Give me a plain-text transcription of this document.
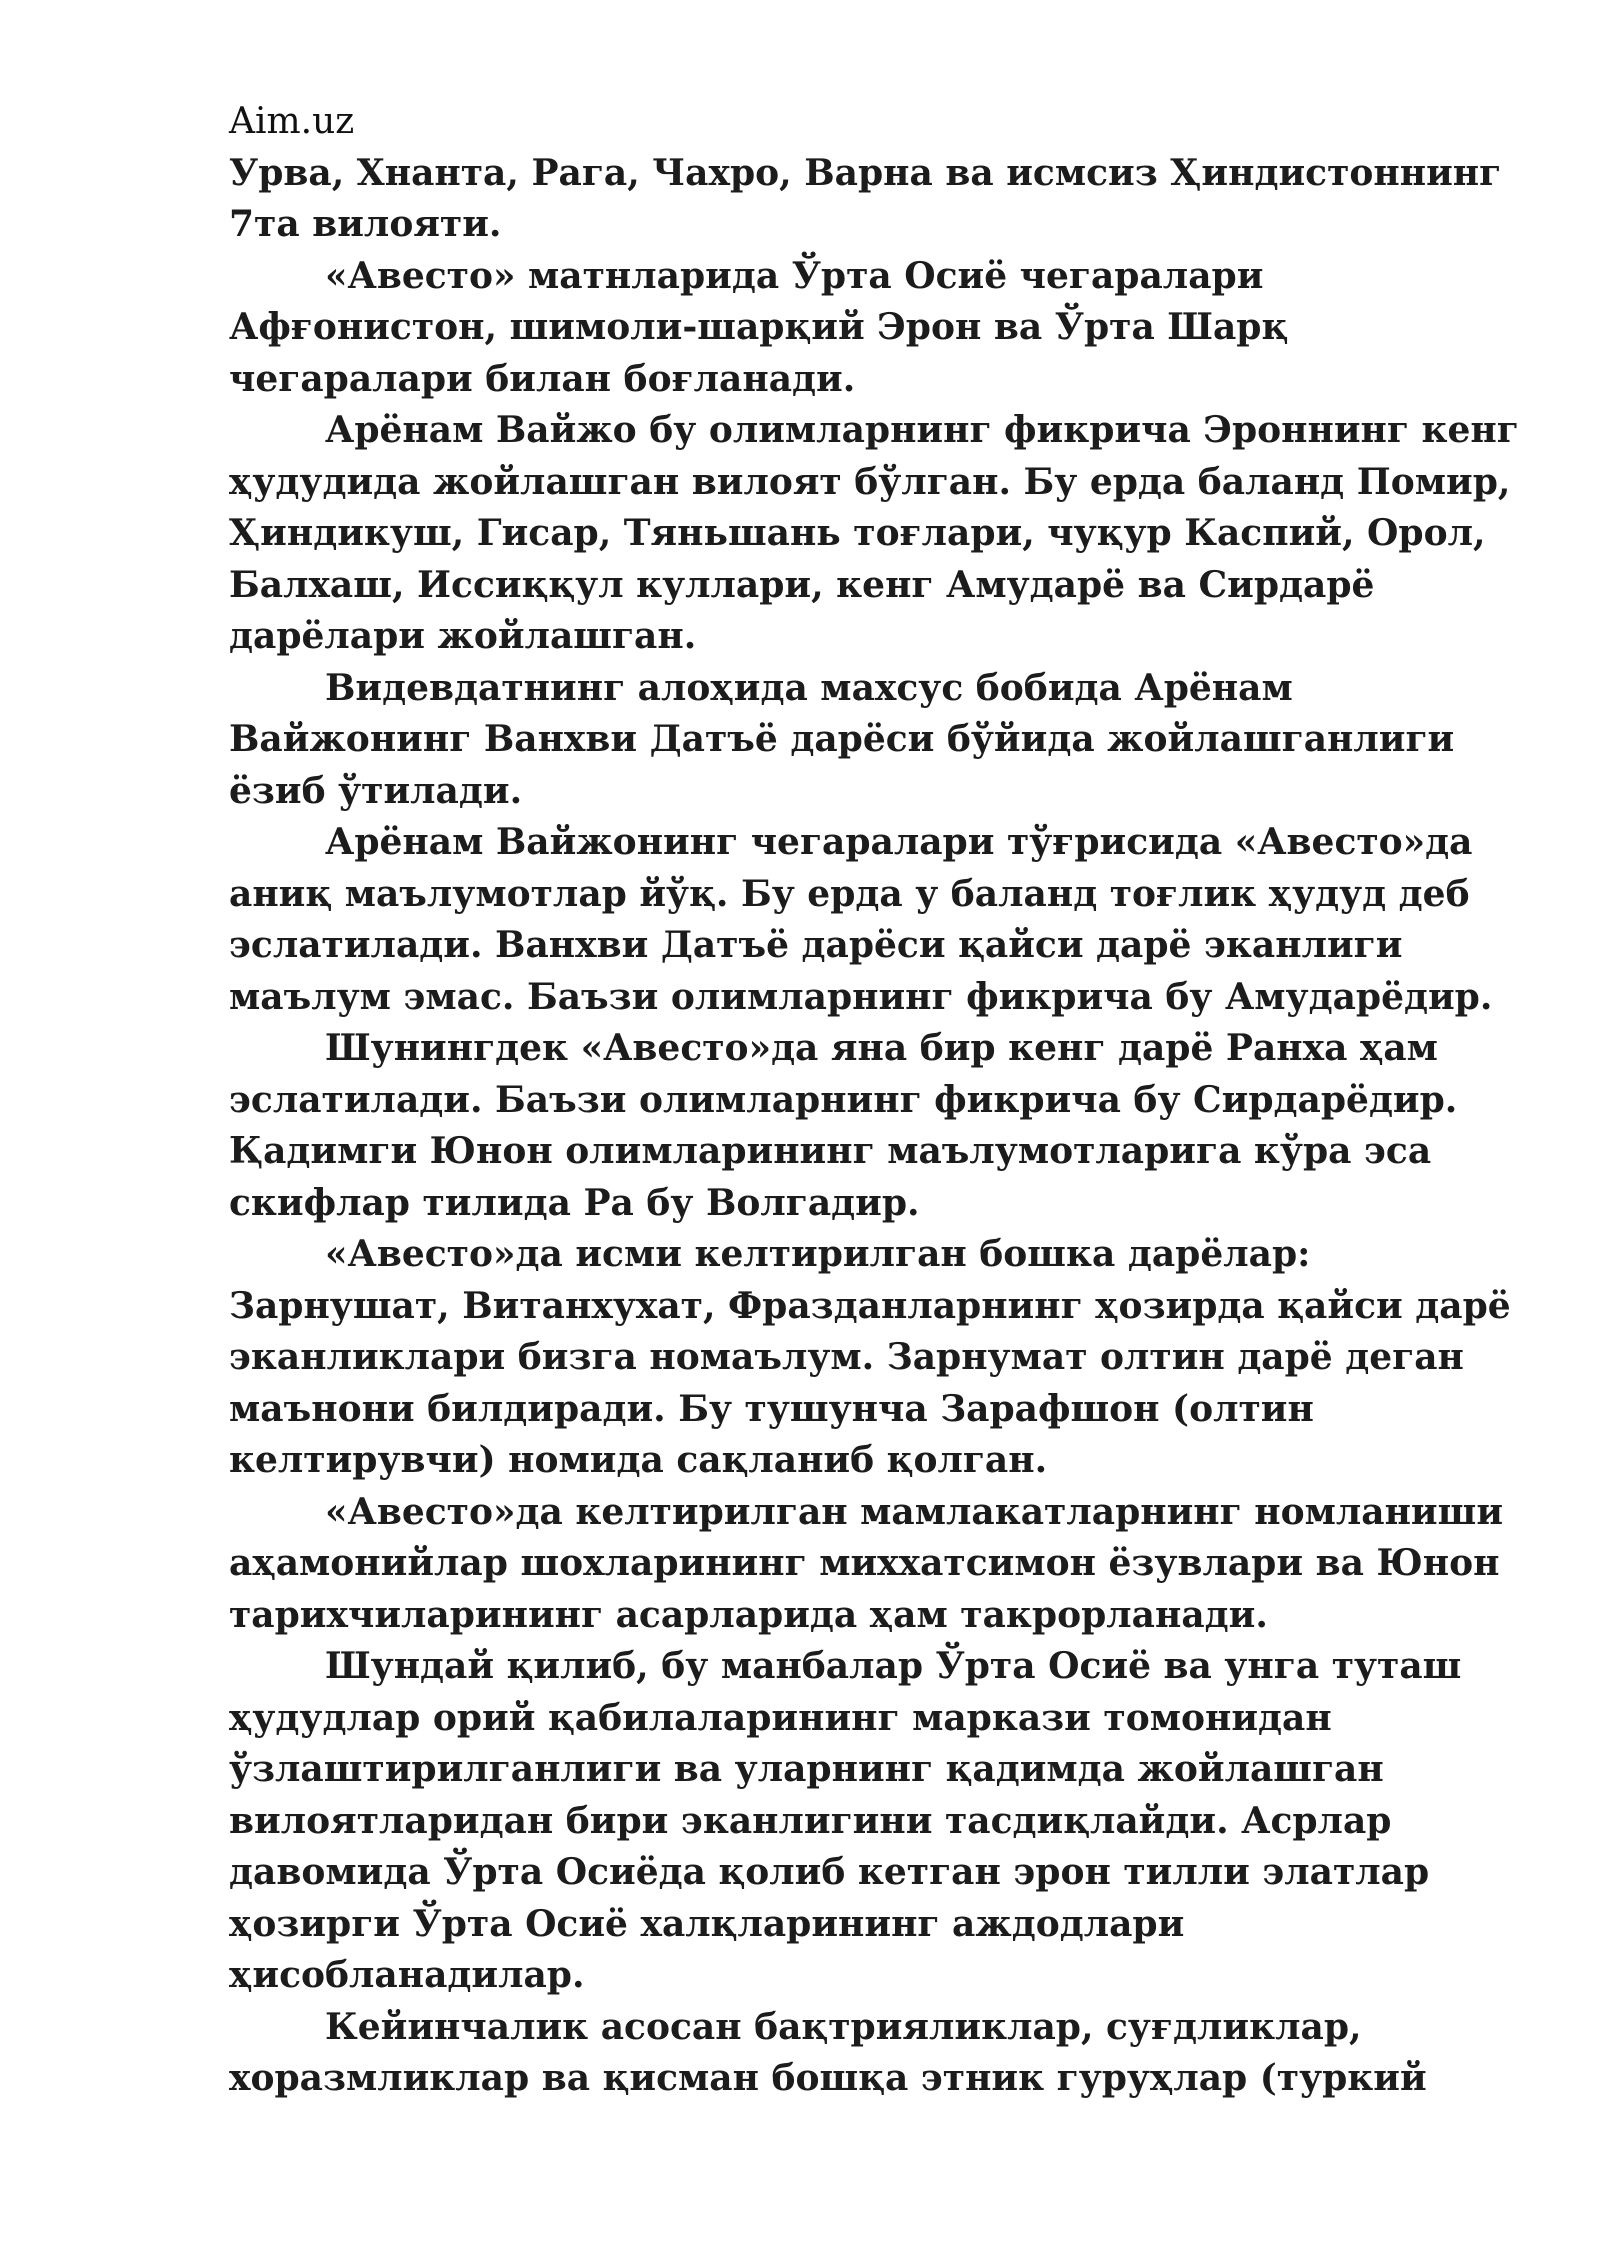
Aim.uz

Урва, Хнанта, Рага, Чахро, Варна ва исмсиз Ҳиндистоннинг 7та вилояти.

«Авесто» матнларида Ўрта Осиё чегаралари Афғонистон, шимоли-шарқий Эрон ва Ўрта Шарқ чегаралари билан боғланади.

Арёнам Вайжо бу олимларнинг фикрича Эроннинг кенг ҳудудида жойлашган вилоят бўлган. Бу ерда баланд Помир, Ҳиндикуш, Гисар, Тяньшань тоғлари, чуқур Каспий, Орол, Балхаш, Иссиққул куллари, кенг Амударё ва Сирдарё дарёлари жойлашган.

Видевдатнинг алоҳида махсус бобида Арёнам Вайжонинг Ванхви Датъё дарёси бўйида жойлашганлиги ёзиб ўтилади.

Арёнам Вайжонинг чегаралари тўғрисида «Авесто»да аниқ маълумотлар йўқ. Бу ерда у баланд тоғлик ҳудуд деб эслатилади. Ванхви Датъё дарёси қайси дарё эканлиги маълум эмас. Баъзи олимларнинг фикрича бу Амударёдир.

Шунингдек «Авесто»да яна бир кенг дарё Ранха ҳам эслатилади. Баъзи олимларнинг фикрича бу Сирдарёдир. Қадимги Юнон олимларининг маълумотларига кўра эса скифлар тилида Ра бу Волгадир.

«Авесто»да исми келтирилган бошка дарёлар: Зарнушат, Витанхухат, Фразданларнинг ҳозирда қайси дарё эканликлари бизга номаълум. Зарнумат олтин дарё деган маънони билдиради. Бу тушунча Зарафшон (олтин келтирувчи) номида сақланиб қолган.

«Авесто»да келтирилган мамлакатларнинг номланиши аҳамонийлар шохларининг миххатсимон ёзувлари ва Юнон тарихчиларининг асарларида ҳам такрорланади.

Шундай қилиб, бу манбалар Ўрта Осиё ва унга туташ ҳудудлар орий қабилаларининг маркази томонидан ўзлаштирилганлиги ва уларнинг қадимда жойлашган вилоятларидан бири эканлигини тасдиқлайди. Асрлар давомида Ўрта Осиёда қолиб кетган эрон тилли элатлар ҳозирги Ўрта Осиё халқларининг аждодлари ҳисобланадилар.

Кейинчалик асосан бақтрияликлар, суғдликлар, хоразмликлар ва қисман бошқа этник гуруҳлар (туркий
